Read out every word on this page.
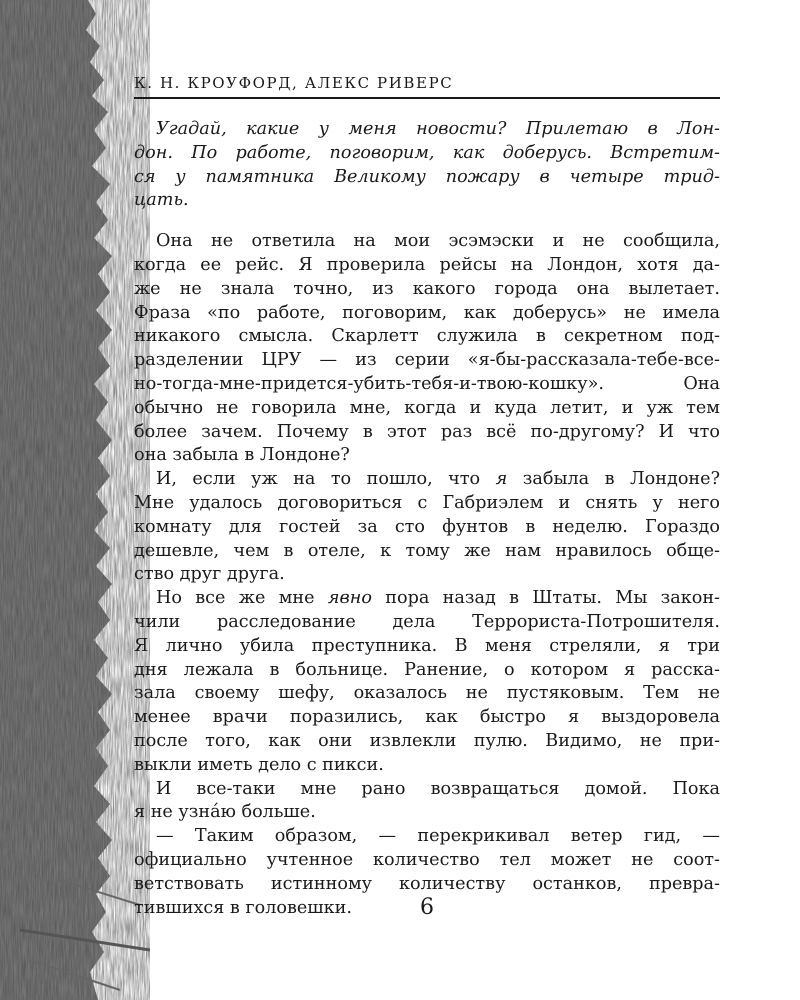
К. Н. КРОУФОРД, АЛЕКС РИВЕРС
Угадай, какие у меня новости? Прилетаю в Лон-
дон. По работе, поговорим, как доберусь. Встретим-
ся у памятника Великому пожару в четыре трид-
цать.
Она не ответила на мои эсэмэски и не сообщила,
когда ее рейс. Я проверила рейсы на Лондон, хотя да-
же не знала точно, из какого города она вылетает.
Фраза «по работе, поговорим, как доберусь» не имела
никакого смысла. Скарлетт служила в секретном под-
разделении ЦРУ — из серии «я-бы-рассказала-тебе-все-
но-тогда-мне-придется-убить-тебя-и-твою-кошку». Она
обычно не говорила мне, когда и куда летит, и уж тем
более зачем. Почему в этот раз всё по-другому? И что
она забыла в Лондоне?
И, если уж на то пошло, что я забыла в Лондоне?
Мне удалось договориться с Габриэлем и снять у него
комнату для гостей за сто фунтов в неделю. Гораздо
дешевле, чем в отеле, к тому же нам нравилось обще-
ство друг друга.
Но все же мне явно пора назад в Штаты. Мы закон-
чили расследование дела Террориста-Потрошителя.
Я лично убила преступника. В меня стреляли, я три
дня лежала в больнице. Ранение, о котором я расска-
зала своему шефу, оказалось не пустяковым. Тем не
менее врачи поразились, как быстро я выздоровела
после того, как они извлекли пулю. Видимо, не при-
выкли иметь дело с пикси.
И все-таки мне рано возвращаться домой. Пока
я не узнáю больше.
— Таким образом, — перекрикивал ветер гид, —
официально учтенное количество тел может не соот-
ветствовать истинному количеству останков, превра-
тившихся в головешки.	6
